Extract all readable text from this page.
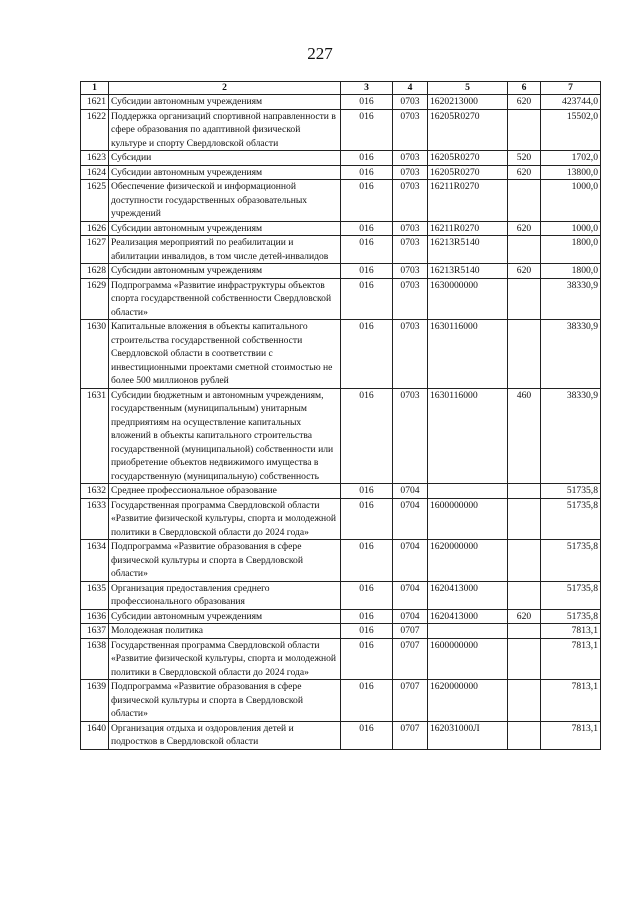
227
1	2	3	4	5	6	7
1621	Субсидии автономным учреждениям	016	0703	1620213000	620	423744,0
1622	Поддержка организаций спортивной направленности в сфере образования по адаптивной физической культуре и спорту Свердловской области	016	0703	16205R0270		15502,0
1623	Субсидии	016	0703	16205R0270	520	1702,0
1624	Субсидии автономным учреждениям	016	0703	16205R0270	620	13800,0
1625	Обеспечение физической и информационной доступности государственных образовательных учреждений	016	0703	16211R0270		1000,0
1626	Субсидии автономным учреждениям	016	0703	16211R0270	620	1000,0
1627	Реализация мероприятий по реабилитации и абилитации инвалидов, в том числе детей-инвалидов	016	0703	16213R5140		1800,0
1628	Субсидии автономным учреждениям	016	0703	16213R5140	620	1800,0
1629	Подпрограмма «Развитие инфраструктуры объектов спорта государственной собственности Свердловской области»	016	0703	1630000000		38330,9
1630	Капитальные вложения в объекты капитального строительства государственной собственности Свердловской области в соответствии с инвестиционными проектами сметной стоимостью не более 500 миллионов рублей	016	0703	1630116000		38330,9
1631	Субсидии бюджетным и автономным учреждениям, государственным (муниципальным) унитарным предприятиям на осуществление капитальных вложений в объекты капитального строительства государственной (муниципальной) собственности или приобретение объектов недвижимого имущества в государственную (муниципальную) собственность	016	0703	1630116000	460	38330,9
1632	Среднее профессиональное образование	016	0704			51735,8
1633	Государственная программа Свердловской области «Развитие физической культуры, спорта и молодежной политики в Свердловской области до 2024 года»	016	0704	1600000000		51735,8
1634	Подпрограмма «Развитие образования в сфере физической культуры и спорта в Свердловской области»	016	0704	1620000000		51735,8
1635	Организация предоставления среднего профессионального образования	016	0704	1620413000		51735,8
1636	Субсидии автономным учреждениям	016	0704	1620413000	620	51735,8
1637	Молодежная политика	016	0707			7813,1
1638	Государственная программа Свердловской области «Развитие физической культуры, спорта и молодежной политики в Свердловской области до 2024 года»	016	0707	1600000000		7813,1
1639	Подпрограмма «Развитие образования в сфере физической культуры и спорта в Свердловской области»	016	0707	1620000000		7813,1
1640	Организация отдыха и оздоровления детей и подростков в Свердловской области	016	0707	162031000Л		7813,1
